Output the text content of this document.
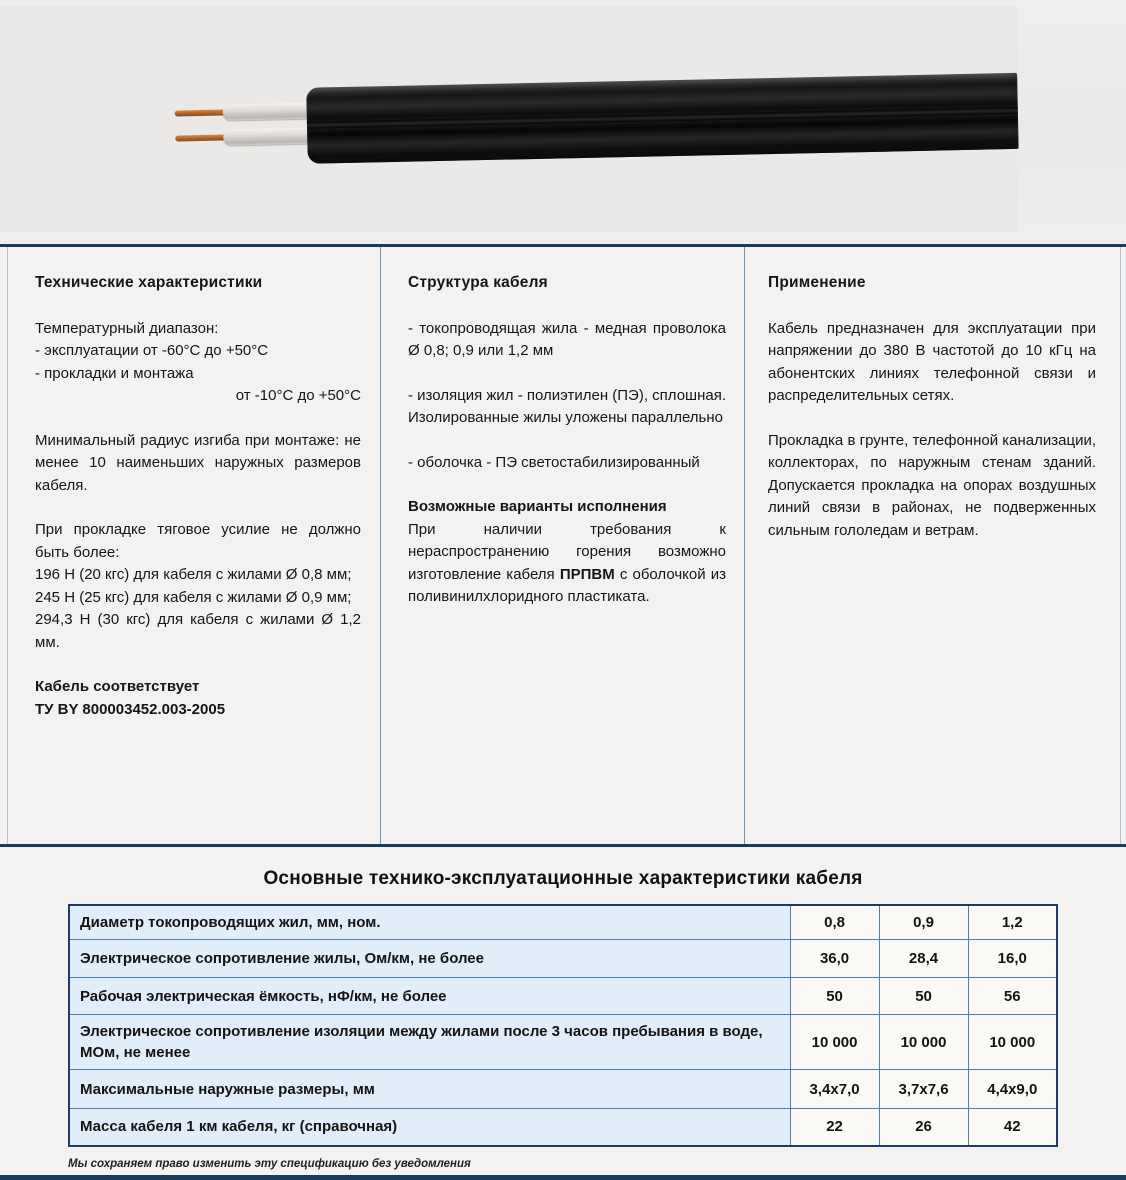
Технические характеристики

Температурный диапазон:

- эксплуатации от -60°С до +50°С

- прокладки и монтажа

от -10°С до +50°С

Минимальный радиус изгиба при монтаже: не менее 10 наименьших наружных размеров кабеля.

При прокладке тяговое усилие не должно быть более:

196 Н (20 кгс) для кабеля с жилами Ø 0,8 мм;

245 Н (25 кгс) для кабеля с жилами Ø 0,9 мм;

294,3 Н (30 кгс) для кабеля с жилами Ø 1,2 мм.

Кабель соответствует

ТУ BY 800003452.003-2005

Структура кабеля

- токопроводящая жила - медная проволока Ø 0,8; 0,9 или 1,2 мм

- изоляция жил - полиэтилен (ПЭ), сплошная. Изолированные жилы уложены параллельно

- оболочка - ПЭ светостабилизированный

Возможные варианты исполнения

При наличии требования к нераспространению горения возможно изготовление кабеля ПРПВМ с оболочкой из поливинилхлоридного пластиката.

Применение

Кабель предназначен для эксплуатации при напряжении до 380 В частотой до 10 кГц на абонентских линиях телефонной связи и распределительных сетях.

Прокладка в грунте, телефонной канализации, коллекторах, по наружным стенам зданий. Допускается прокладка на опорах воздушных линий связи в районах, не подверженных сильным гололедам и ветрам.

Основные технико-эксплуатационные характеристики кабеля
Диаметр токопроводящих жил, мм, ном.	0,8	0,9	1,2
Электрическое сопротивление жилы, Ом/км, не более	36,0	28,4	16,0
Рабочая электрическая ёмкость, нФ/км, не более	50	50	56
Электрическое сопротивление изоляции между жилами после 3 часов пребывания в воде, МОм, не менее	10 000	10 000	10 000
Максимальные наружные размеры, мм	3,4х7,0	3,7х7,6	4,4х9,0
Масса кабеля 1 км кабеля, кг (справочная)	22	26	42
Мы сохраняем право изменить эту спецификацию без уведомления
